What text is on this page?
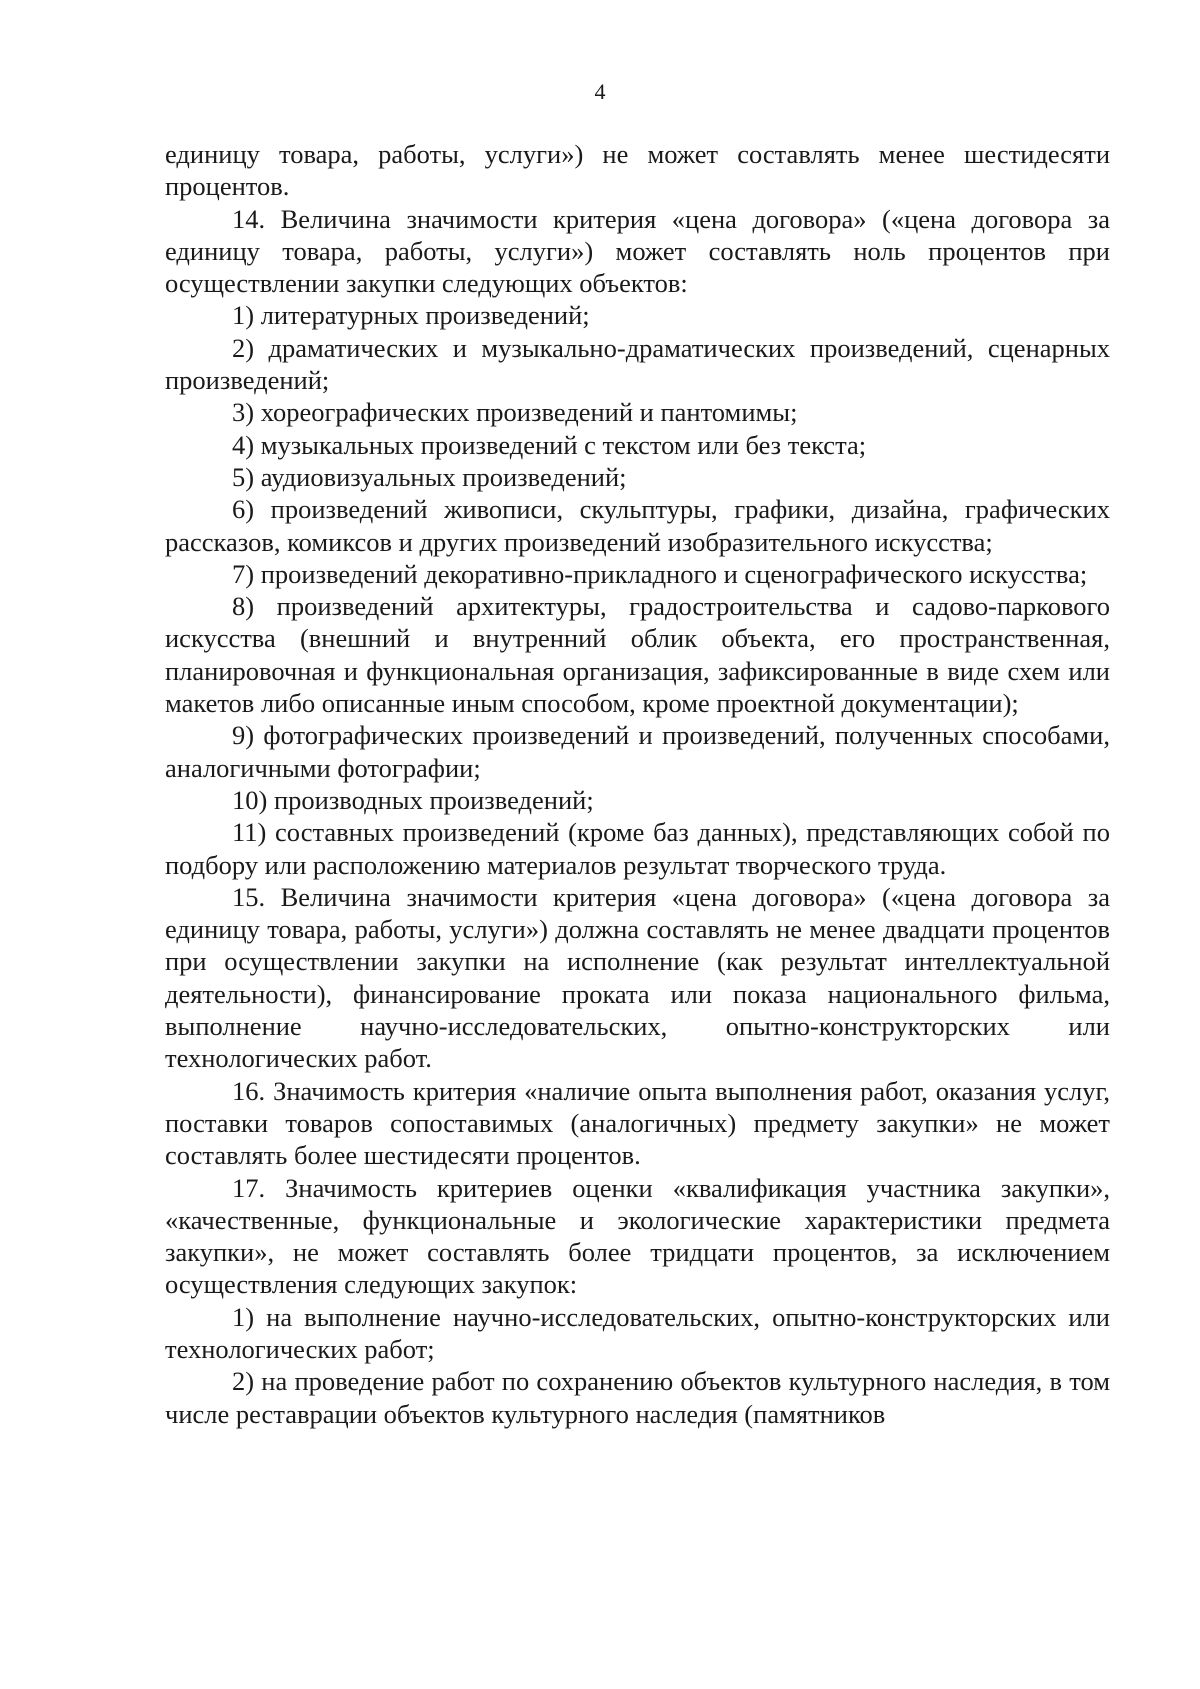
4

единицу товара, работы, услуги») не может составлять менее шестидесяти процентов.

14. Величина значимости критерия «цена договора» («цена договора за единицу товара, работы, услуги») может составлять ноль процентов при осуществлении закупки следующих объектов:

1) литературных произведений;

2) драматических и музыкально-драматических произведений, сценарных произведений;

3) хореографических произведений и пантомимы;

4) музыкальных произведений с текстом или без текста;

5) аудиовизуальных произведений;

6) произведений живописи, скульптуры, графики, дизайна, графических рассказов, комиксов и других произведений изобразительного искусства;

7) произведений декоративно-прикладного и сценографического искусства;

8) произведений архитектуры, градостроительства и садово-паркового искусства (внешний и внутренний облик объекта, его пространственная, планировочная и функциональная организация, зафиксированные в виде схем или макетов либо описанные иным способом, кроме проектной документации);

9) фотографических произведений и произведений, полученных способами, аналогичными фотографии;

10) производных произведений;

11) составных произведений (кроме баз данных), представляющих собой по подбору или расположению материалов результат творческого труда.

15. Величина значимости критерия «цена договора» («цена договора за единицу товара, работы, услуги») должна составлять не менее двадцати процентов при осуществлении закупки на исполнение (как результат интеллектуальной деятельности), финансирование проката или показа национального фильма, выполнение научно-исследовательских, опытно-конструкторских или технологических работ.

16. Значимость критерия «наличие опыта выполнения работ, оказания услуг, поставки товаров сопоставимых (аналогичных) предмету закупки» не может составлять более шестидесяти процентов.

17. Значимость критериев оценки «квалификация участника закупки», «качественные, функциональные и экологические характеристики предмета закупки», не может составлять более тридцати процентов, за исключением осуществления следующих закупок:

1) на выполнение научно-исследовательских, опытно-конструкторских или технологических работ;

2) на проведение работ по сохранению объектов культурного наследия, в том числе реставрации объектов культурного наследия (памятников
